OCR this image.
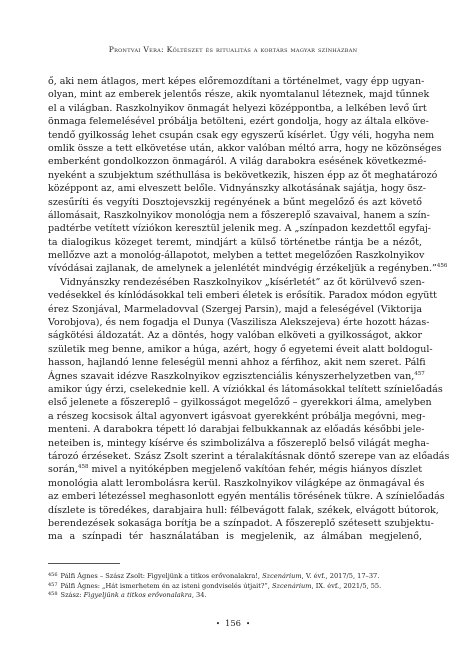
Prontvai Vera: Költészet és ritualitás a kortárs magyar színházban
ő, aki nem átlagos, mert képes előremozdítani a történelmet, vagy épp ugyan-
olyan, mint az emberek jelentős része, akik nyomtalanul léteznek, majd tűnnek
el a világban. Raszkolnyikov önmagát helyezi középpontba, a lelkében levő űrt
önmaga felemelésével próbálja betölteni, ezért gondolja, hogy az általa elköve-
tendő gyilkosság lehet csupán csak egy egyszerű kísérlet. Úgy véli, hogyha nem
omlik össze a tett elkövetése után, akkor valóban méltó arra, hogy ne közönséges
emberként gondolkozzon önmagáról. A világ darabokra esésének következmé-
nyeként a szubjektum széthullása is bekövetkezik, hiszen épp az őt meghatározó
középpont az, ami elveszett belőle. Vidnyánszky alkotásának sajátja, hogy ösz-
szesűríti és vegyíti Dosztojevszkij regényének a bűnt megelőző és azt követő
állomásait, Raszkolnyikov monológja nem a főszereplő szavaival, hanem a szín-
padtérbe vetített víziókon keresztül jelenik meg. A „színpadon kezdettől egyfaj-
ta dialogikus közeget teremt, mindjárt a külső történetbe rántja be a nézőt,
mellőzve azt a monológ-állapotot, melyben a tettet megelőzően Raszkolnyikov
vívódásai zajlanak, de amelynek a jelenlétét mindvégig érzékeljük a regényben.”$^{456}$
Vidnyánszky rendezésében Raszkolnyikov „kísérletét” az őt körülvevő szen-
vedésekkel és kínlódásokkal teli emberi életek is erősítik. Paradox módon együtt
érez Szonjával, Marmeladovval (Szergej Parsin), majd a feleségével (Viktorija
Vorobjova), és nem fogadja el Dunya (Vaszilisza Alekszejeva) érte hozott házas-
ságkötési áldozatát. Az a döntés, hogy valóban elköveti a gyilkosságot, akkor
születik meg benne, amikor a húga, azért, hogy ő egyetemi éveit alatt boldogul-
hasson, hajlandó lenne feleségül menni ahhoz a férfihoz, akit nem szeret. Pálfi
Ágnes szavait idézve Raszkolnyikov egzisztenciális kényszerhelyzetben van,$^{457}$
amikor úgy érzi, cselekednie kell. A víziókkal és látomásokkal telített színielőadás
első jelenete a főszereplő – gyilkosságot megelőző – gyerekkori álma, amelyben
a részeg kocsisok által agyonvert igásvoat gyerekként próbálja megóvni, meg-
menteni. A darabokra tépett ló darabjai felbukkannak az előadás későbbi jele-
neteiben is, mintegy kísérve és szimbolizálva a főszereplő belső világát megha-
tározó érzéseket. Szász Zsolt szerint a téralakításnak döntő szerepe van az előadás
során,$^{458}$ mivel a nyitóképben megjelenő vakítóan fehér, mégis hiányos díszlet
monológia alatt lerombolásra kerül. Raszkolnyikov világképe az önmagával és
az emberi létezéssel meghasonlott egyén mentális törésének tükre. A színielőadás
díszlete is töredékes, darabjaira hull: félbevágott falak, székek, elvágott bútorok,
berendezések sokasága borítja be a színpadot. A főszereplő szétesett szubjektu-
ma a színpadi tér használatában is megjelenik, az álmában megjelenő,
$^{456}$ Pálfi Ágnes – Szász Zsolt: Figyeljünk a titkos erővonalakra!, Szcenárium, V. évf., 2017/5, 17–37.
$^{457}$ Pálfi Ágnes: „Hát ismerhetem én az isteni gondviselés útjait?”, Szcenárium, IX. évf., 2021/5, 55.
$^{458}$ Szász: Figyeljünk a titkos erővonalakra, 34.
• 156 •
